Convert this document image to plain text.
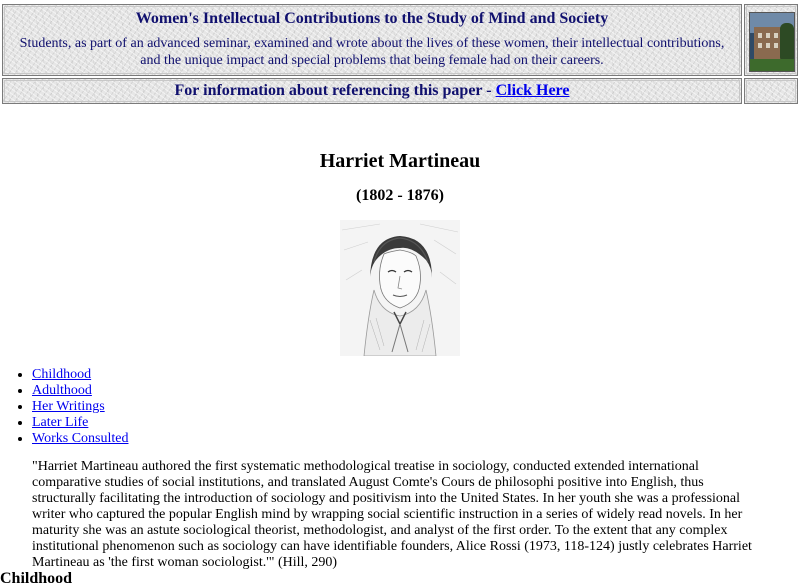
Women's Intellectual Contributions to the Study of Mind and Society
Students, as part of an advanced seminar, examined and wrote about the lives of these women, their intellectual contributions, and the unique impact and special problems that being female had on their careers.
For information about referencing this paper - Click Here
Harriet Martineau
(1802 - 1876)
• Childhood
• Adulthood
• Her Writings
• Later Life
• Works Consulted

"Harriet Martineau authored the first systematic methodological treatise in sociology, conducted extended international comparative studies of social institutions, and translated August Comte's Cours de philosophi positive into English, thus structurally facilitating the introduction of sociology and positivism into the United States. In her youth she was a professional writer who captured the popular English mind by wrapping social scientific instruction in a series of widely read novels. In her maturity she was an astute sociological theorist, methodologist, and analyst of the first order. To the extent that any complex institutional phenomenon such as sociology can have identifiable founders, Alice Rossi (1973, 118-124) justly celebrates Harriet Martineau as 'the first woman sociologist.'" (Hill, 290)

Childhood
